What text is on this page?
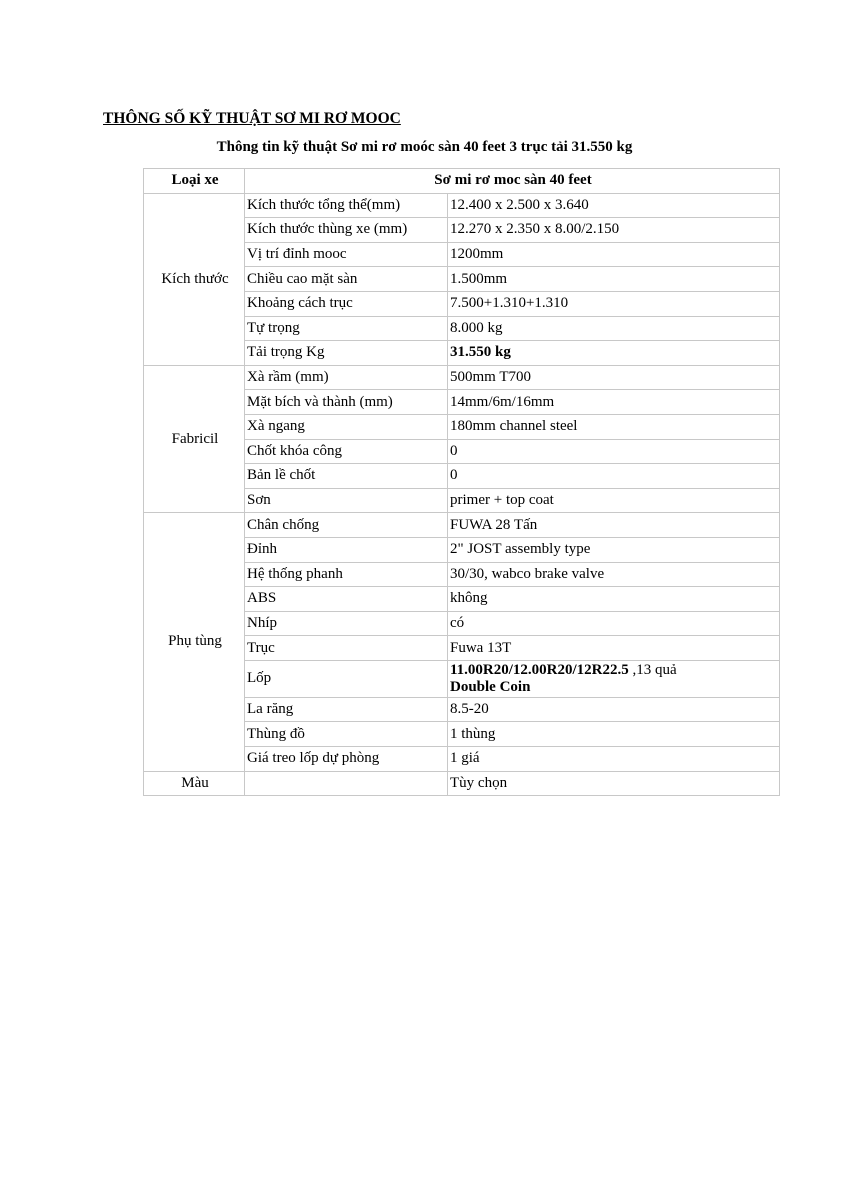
THÔNG SỐ KỸ THUẬT SƠ MI RƠ MOOC
Thông tin kỹ thuật Sơ mi rơ moóc sàn 40 feet 3 trục tải 31.550 kg
Loại xe	Sơ mi rơ moc sàn 40 feet	
Kích thước	Kích thước tổng thể(mm)	12.400 x 2.500 x 3.640
	Kích thước thùng xe (mm)	12.270 x 2.350 x 8.00/2.150
	Vị trí đỉnh mooc	1200mm
	Chiều cao mặt sàn	1.500mm
	Khoảng cách trục	7.500+1.310+1.310
	Tự trọng	8.000 kg
	Tải trọng Kg	31.550 kg
Fabricil	Xà rầm (mm)	500mm T700
	Mặt bích và thành (mm)	14mm/6m/16mm
	Xà ngang	180mm channel steel
	Chốt khóa công	0
	Bản lề chốt	0
	Sơn	primer + top coat
Phụ tùng	Chân chống	FUWA 28 Tấn
	Đỉnh	2" JOST assembly type
	Hệ thống phanh	30/30, wabco brake valve
	ABS	không
	Nhíp	có
	Trục	Fuwa 13T
	Lốp	11.00R20/12.00R20/12R22.5 ,13 quả
Double Coin
	La răng	8.5-20
	Thùng đồ	1 thùng
	Giá treo lốp dự phòng	1 giá
Màu		Tùy chọn
